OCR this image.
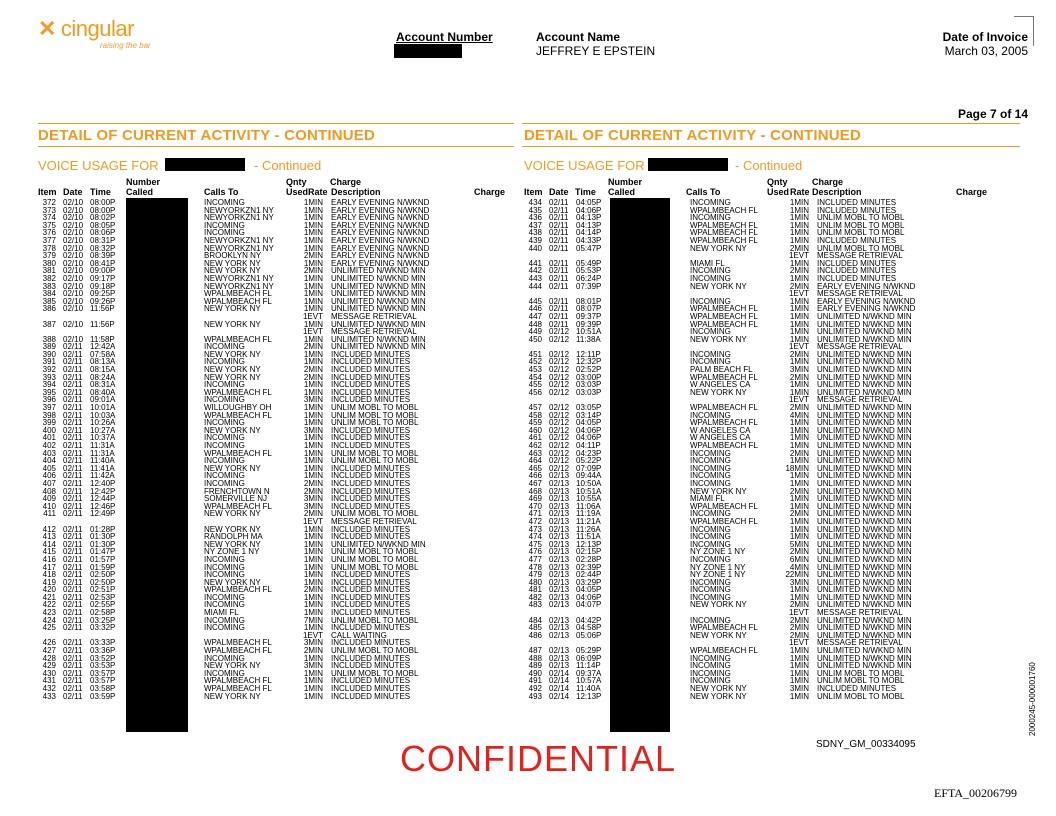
✕ cingular
raising the bar
Account Number	Account Name
JEFFREY E EPSTEIN
Date of Invoice
March 03, 2005
Page 7 of 14
DETAIL OF CURRENT ACTIVITY - CONTINUED	DETAIL OF CURRENT ACTIVITY - CONTINUED
VOICE USAGE FOR	- Continued	VOICE USAGE FOR	- Continued
Number	Qnty	Charge
Item Date Time Called	Calls To	Used Rate Description	Charge
Number	Qnty	Charge
Item Date Time Called	Calls To	Used Rate Description	Charge
372 02/10 08:00P	INCOMING	1MIN EARLY EVENING N/WKND
373 02/10 08:00P	NEWYORKZN1 NY	1MIN EARLY EVENING N/WKND
374 02/10 08:02P	NEWYORKZN1 NY	1MIN EARLY EVENING N/WKND
375 02/10 08:05P	INCOMING	1MIN EARLY EVENING N/WKND
376 02/10 08:06P	INCOMING	1MIN EARLY EVENING N/WKND
377 02/10 08:31P	NEWYORKZN1 NY	1MIN EARLY EVENING N/WKND
378 02/10 08:32P	NEWYORKZN1 NY	1MIN EARLY EVENING N/WKND
379 02/10 08:39P	BROOKLYN NY	2MIN EARLY EVENING N/WKND
380 02/10 08:41P	NEW YORK NY	1MIN EARLY EVENING N/WKND
381 02/10 09:00P	NEW YORK NY	2MIN UNLIMITED N/WKND MIN
382 02/10 09:17P	NEWYORKZN1 NY	1MIN UNLIMITED N/WKND MIN
383 02/10 09:18P	NEWYORKZN1 NY	1MIN UNLIMITED N/WKND MIN
384 02/10 09:25P	WPALMBEACH FL	1MIN UNLIMITED N/WKND MIN
385 02/10 09:26P	WPALMBEACH FL	1MIN UNLIMITED N/WKND MIN
386 02/10 11:56P	NEW YORK NY	1MIN UNLIMITED N/WKND MIN
1EVT MESSAGE RETRIEVAL
387 02/10 11:56P	NEW YORK NY	1MIN UNLIMITED N/WKND MIN
1EVT MESSAGE RETRIEVAL
388 02/10 11:58P	WPALMBEACH FL	1MIN UNLIMITED N/WKND MIN
389 02/11 12:42A	INCOMING	2MIN UNLIMITED N/WKND MIN
390 02/11 07:58A	NEW YORK NY	1MIN INCLUDED MINUTES
391 02/11 08:13A	INCOMING	1MIN INCLUDED MINUTES
392 02/11 08:15A	NEW YORK NY	2MIN INCLUDED MINUTES
393 02/11 08:24A	NEW YORK NY	2MIN INCLUDED MINUTES
394 02/11 08:31A	INCOMING	1MIN INCLUDED MINUTES
395 02/11 08:40A	WPALMBEACH FL	1MIN INCLUDED MINUTES
396 02/11 09:01A	INCOMING	3MIN INCLUDED MINUTES
397 02/11 10:01A	WILLOUGHBY OH	1MIN UNLIM MOBL TO MOBL
398 02/11 10:03A	WPALMBEACH FL	1MIN UNLIM MOBL TO MOBL
399 02/11 10:26A	INCOMING	1MIN UNLIM MOBL TO MOBL
400 02/11 10:27A	NEW YORK NY	3MIN INCLUDED MINUTES
401 02/11 10:37A	INCOMING	1MIN INCLUDED MINUTES
402 02/11 11:31A	INCOMING	1MIN INCLUDED MINUTES
403 02/11 11:31A	WPALMBEACH FL	1MIN UNLIM MOBL TO MOBL
404 02/11 11:40A	INCOMING	1MIN UNLIM MOBL TO MOBL
405 02/11 11:41A	NEW YORK NY	1MIN INCLUDED MINUTES
406 02/11 11:42A	INCOMING	1MIN INCLUDED MINUTES
407 02/11 12:40P	INCOMING	2MIN INCLUDED MINUTES
408 02/11 12:42P	FRENCHTOWN N	2MIN INCLUDED MINUTES
409 02/11 12:44P	SOMERVILLE NJ	3MIN INCLUDED MINUTES
410 02/11 12:46P	WPALMBEACH FL	3MIN INCLUDED MINUTES
411 02/11 12:49P	NEW YORK NY	2MIN UNLIM MOBL TO MOBL
1EVT MESSAGE RETRIEVAL
412 02/11 01:28P	NEW YORK NY	1MIN INCLUDED MINUTES
413 02/11 01:30P	RANDOLPH MA	1MIN INCLUDED MINUTES
414 02/11 01:30P	NEW YORK NY	1MIN UNLIMITED N/WKND MIN
415 02/11 01:47P	NY ZONE 1 NY	1MIN UNLIM MOBL TO MOBL
416 02/11 01:57P	INCOMING	1MIN UNLIM MOBL TO MOBL
417 02/11 01:59P	INCOMING	1MIN UNLIM MOBL TO MOBL
418 02/11 02:50P	INCOMING	1MIN INCLUDED MINUTES
419 02/11 02:50P	NEW YORK NY	1MIN INCLUDED MINUTES
420 02/11 02:51P	WPALMBEACH FL	2MIN INCLUDED MINUTES
421 02/11 02:53P	INCOMING	1MIN INCLUDED MINUTES
422 02/11 02:55P	INCOMING	1MIN INCLUDED MINUTES
423 02/11 02:58P	MIAMI FL	1MIN INCLUDED MINUTES
424 02/11 03:25P	INCOMING	7MIN UNLIM MOBL TO MOBL
425 02/11 03:32P	INCOMING	1MIN INCLUDED MINUTES
1EVT CALL WAITING
426 02/11 03:33P	WPALMBEACH FL	3MIN INCLUDED MINUTES
427 02/11 03:36P	WPALMBEACH FL	2MIN UNLIM MOBL TO MOBL
428 02/11 03:52P	INCOMING	1MIN INCLUDED MINUTES
429 02/11 03:53P	NEW YORK NY	3MIN INCLUDED MINUTES
430 02/11 03:57P	INCOMING	1MIN UNLIM MOBL TO MOBL
431 02/11 03:57P	WPALMBEACH FL	1MIN INCLUDED MINUTES
432 02/11 03:58P	WPALMBEACH FL	1MIN INCLUDED MINUTES
433 02/11 03:59P	NEW YORK NY	1MIN INCLUDED MINUTES
434 02/11 04:05P	INCOMING	1MIN INCLUDED MINUTES
435 02/11 04:06P	WPALMBEACH FL	1MIN INCLUDED MINUTES
436 02/11 04:13P	INCOMING	1MIN UNLIM MOBL TO MOBL
437 02/11 04:13P	WPALMBEACH FL	1MIN UNLIM MOBL TO MOBL
438 02/11 04:14P	WPALMBEACH FL	1MIN UNLIM MOBL TO MOBL
439 02/11 04:33P	WPALMBEACH FL	1MIN INCLUDED MINUTES
440 02/11 05:47P	NEW YORK NY	2MIN UNLIM MOBL TO MOBL
1EVT MESSAGE RETRIEVAL
441 02/11 05:49P	MIAMI FL	1MIN INCLUDED MINUTES
442 02/11 05:53P	INCOMING	2MIN INCLUDED MINUTES
443 02/11 06:24P	INCOMING	1MIN INCLUDED MINUTES
444 02/11 07:39P	NEW YORK NY	2MIN EARLY EVENING N/WKND
1EVT MESSAGE RETRIEVAL
445 02/11 08:01P	INCOMING	1MIN EARLY EVENING N/WKND
446 02/11 08:07P	WPALMBEACH FL	1MIN EARLY EVENING N/WKND
447 02/11 09:37P	WPALMBEACH FL	1MIN UNLIMITED N/WKND MIN
448 02/11 09:39P	WPALMBEACH FL	1MIN UNLIMITED N/WKND MIN
449 02/12 10:51A	INCOMING	1MIN UNLIMITED N/WKND MIN
450 02/12 11:38A	NEW YORK NY	1MIN UNLIMITED N/WKND MIN
1EVT MESSAGE RETRIEVAL
451 02/12 12:11P	INCOMING	2MIN UNLIMITED N/WKND MIN
452 02/12 12:32P	INCOMING	1MIN UNLIMITED N/WKND MIN
453 02/12 02:52P	PALM BEACH FL	3MIN UNLIMITED N/WKND MIN
454 02/12 03:00P	WPALMBEACH FL	2MIN UNLIMITED N/WKND MIN
455 02/12 03:03P	W ANGELES CA	1MIN UNLIMITED N/WKND MIN
456 02/12 03:03P	NEW YORK NY	1MIN UNLIMITED N/WKND MIN
1EVT MESSAGE RETRIEVAL
457 02/12 03:05P	WPALMBEACH FL	2MIN UNLIMITED N/WKND MIN
458 02/12 03:14P	INCOMING	4MIN UNLIMITED N/WKND MIN
459 02/12 04:05P	WPALMBEACH FL	1MIN UNLIMITED N/WKND MIN
460 02/12 04:06P	W ANGELES CA	1MIN UNLIMITED N/WKND MIN
461 02/12 04:06P	W ANGELES CA	1MIN UNLIMITED N/WKND MIN
462 02/12 04:11P	WPALMBEACH FL	1MIN UNLIMITED N/WKND MIN
463 02/12 04:23P	INCOMING	2MIN UNLIMITED N/WKND MIN
464 02/12 05:22P	INCOMING	1MIN UNLIMITED N/WKND MIN
465 02/12 07:09P	INCOMING	18MIN UNLIMITED N/WKND MIN
466 02/13 09:44A	INCOMING	1MIN UNLIMITED N/WKND MIN
467 02/13 10:50A	INCOMING	1MIN UNLIMITED N/WKND MIN
468 02/13 10:51A	NEW YORK NY	2MIN UNLIMITED N/WKND MIN
469 02/13 10:55A	MIAMI FL	1MIN UNLIMITED N/WKND MIN
470 02/13 11:06A	WPALMBEACH FL	1MIN UNLIMITED N/WKND MIN
471 02/13 11:19A	INCOMING	2MIN UNLIMITED N/WKND MIN
472 02/13 11:21A	WPALMBEACH FL	1MIN UNLIMITED N/WKND MIN
473 02/13 11:26A	INCOMING	1MIN UNLIMITED N/WKND MIN
474 02/13 11:51A	INCOMING	1MIN UNLIMITED N/WKND MIN
475 02/13 12:13P	INCOMING	5MIN UNLIMITED N/WKND MIN
476 02/13 02:15P	NY ZONE 1 NY	2MIN UNLIMITED N/WKND MIN
477 02/13 02:28P	INCOMING	6MIN UNLIMITED N/WKND MIN
478 02/13 02:39P	NY ZONE 1 NY	4MIN UNLIMITED N/WKND MIN
479 02/13 02:44P	NY ZONE 1 NY	22MIN UNLIMITED N/WKND MIN
480 02/13 03:29P	INCOMING	3MIN UNLIMITED N/WKND MIN
481 02/13 04:05P	INCOMING	1MIN UNLIMITED N/WKND MIN
482 02/13 04:06P	INCOMING	1MIN UNLIMITED N/WKND MIN
483 02/13 04:07P	NEW YORK NY	2MIN UNLIMITED N/WKND MIN
1EVT MESSAGE RETRIEVAL
484 02/13 04:42P	INCOMING	2MIN UNLIMITED N/WKND MIN
485 02/13 04:58P	WPALMBEACH FL	2MIN UNLIMITED N/WKND MIN
486 02/13 05:06P	NEW YORK NY	2MIN UNLIMITED N/WKND MIN
1EVT MESSAGE RETRIEVAL
487 02/13 05:29P	WPALMBEACH FL	1MIN UNLIMITED N/WKND MIN
488 02/13 06:09P	INCOMING	1MIN UNLIMITED N/WKND MIN
489 02/13 11:14P	INCOMING	1MIN UNLIMITED N/WKND MIN
490 02/14 09:37A	INCOMING	1MIN UNLIM MOBL TO MOBL
491 02/14 10:57A	INCOMING	1MIN UNLIM MOBL TO MOBL
492 02/14 11:40A	NEW YORK NY	3MIN INCLUDED MINUTES
493 02/14 12:13P	NEW YORK NY	1MIN UNLIM MOBL TO MOBL
CONFIDENTIAL	SDNY_GM_00334095
EFTA_00206799
2000245-000001760
